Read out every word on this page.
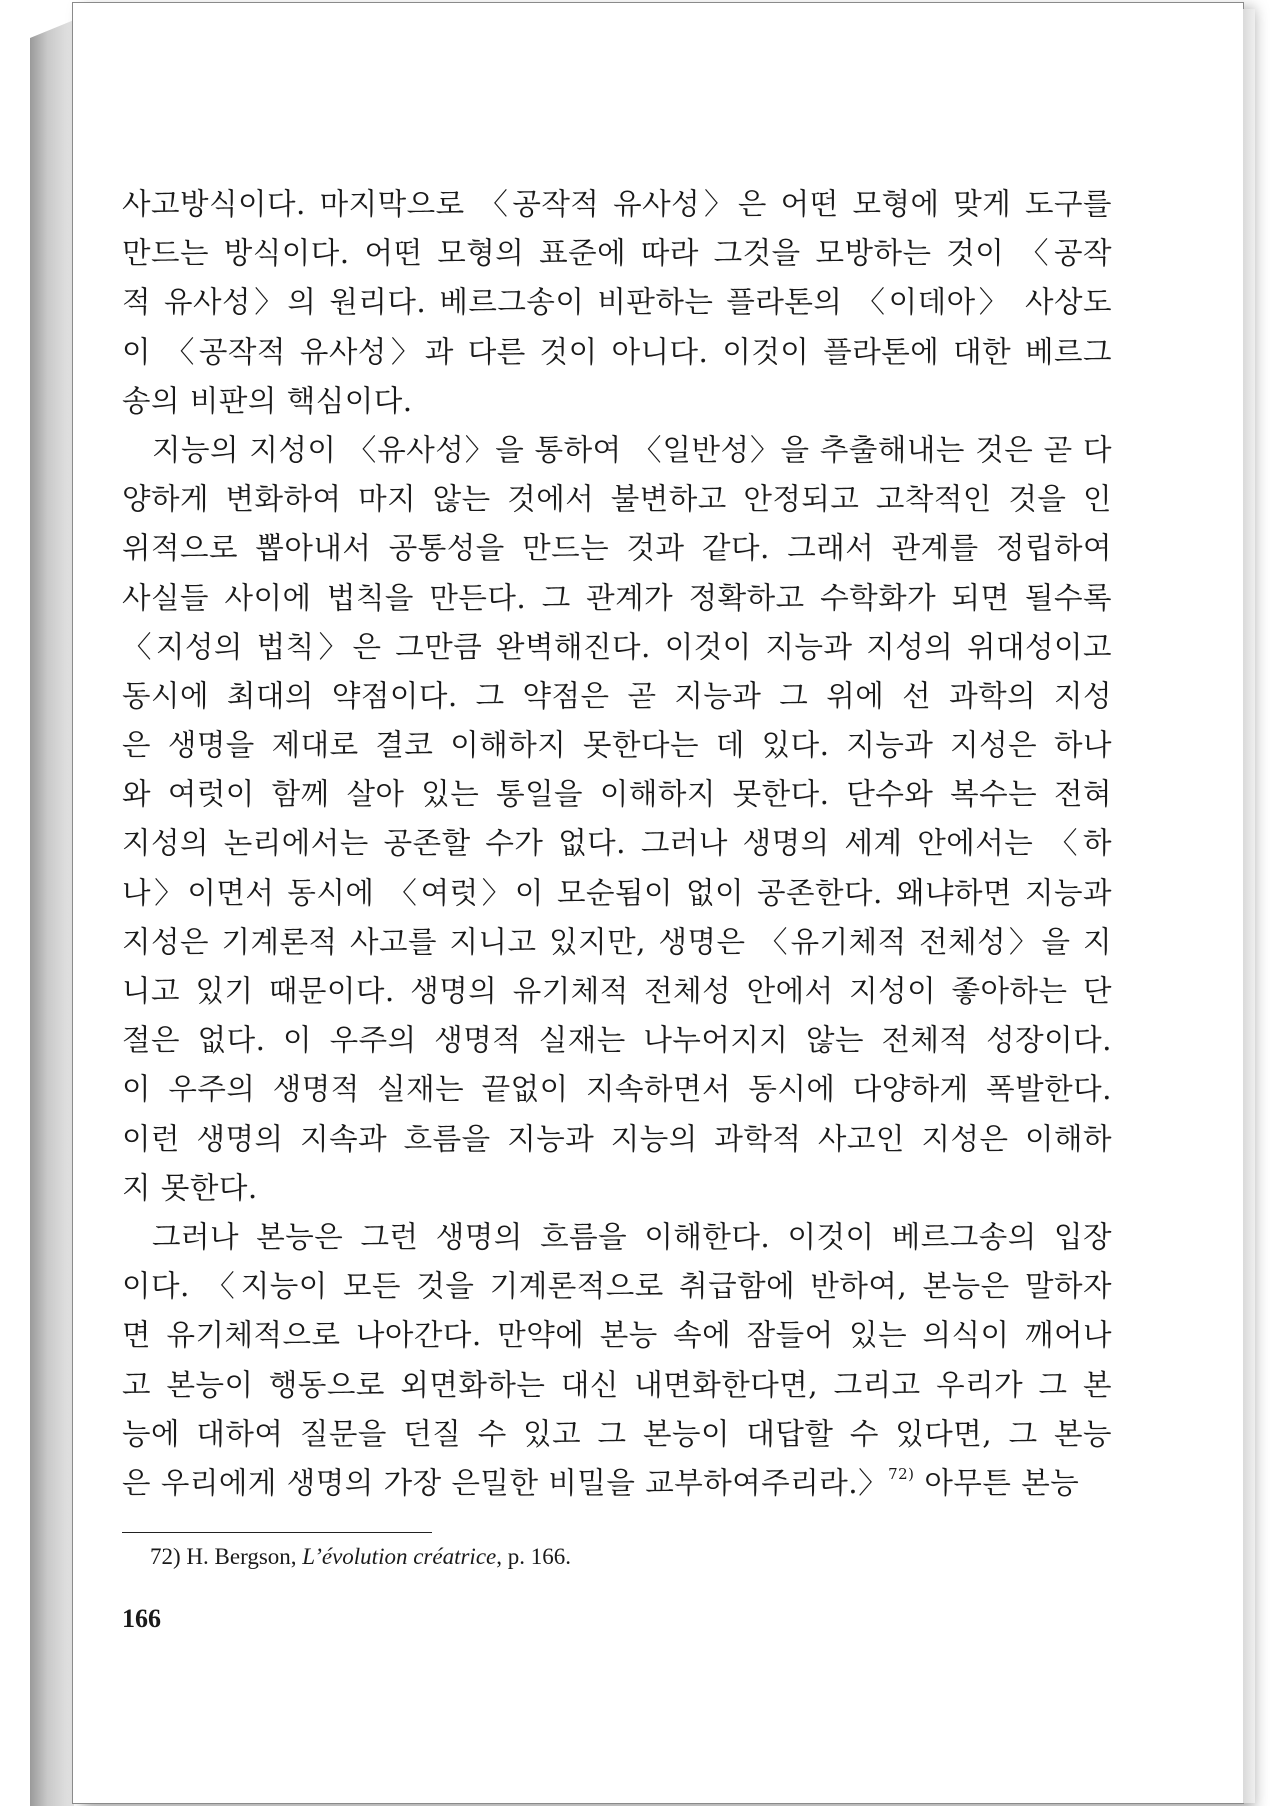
사고방식이다. 마지막으로 〈공작적 유사성〉은 어떤 모형에 맞게 도구를
만드는 방식이다. 어떤 모형의 표준에 따라 그것을 모방하는 것이 〈공작
적 유사성〉의 원리다. 베르그송이 비판하는 플라톤의 〈이데아〉 사상도
이 〈공작적 유사성〉과 다른 것이 아니다. 이것이 플라톤에 대한 베르그
송의 비판의 핵심이다.
지능의 지성이 〈유사성〉을 통하여 〈일반성〉을 추출해내는 것은 곧 다
양하게 변화하여 마지 않는 것에서 불변하고 안정되고 고착적인 것을 인
위적으로 뽑아내서 공통성을 만드는 것과 같다. 그래서 관계를 정립하여
사실들 사이에 법칙을 만든다. 그 관계가 정확하고 수학화가 되면 될수록
〈지성의 법칙〉은 그만큼 완벽해진다. 이것이 지능과 지성의 위대성이고
동시에 최대의 약점이다. 그 약점은 곧 지능과 그 위에 선 과학의 지성
은 생명을 제대로 결코 이해하지 못한다는 데 있다. 지능과 지성은 하나
와 여럿이 함께 살아 있는 통일을 이해하지 못한다. 단수와 복수는 전혀
지성의 논리에서는 공존할 수가 없다. 그러나 생명의 세계 안에서는 〈하
나〉이면서 동시에 〈여럿〉이 모순됨이 없이 공존한다. 왜냐하면 지능과
지성은 기계론적 사고를 지니고 있지만, 생명은 〈유기체적 전체성〉을 지
니고 있기 때문이다. 생명의 유기체적 전체성 안에서 지성이 좋아하는 단
절은 없다. 이 우주의 생명적 실재는 나누어지지 않는 전체적 성장이다.
이 우주의 생명적 실재는 끝없이 지속하면서 동시에 다양하게 폭발한다.
이런 생명의 지속과 흐름을 지능과 지능의 과학적 사고인 지성은 이해하
지 못한다.
그러나 본능은 그런 생명의 흐름을 이해한다. 이것이 베르그송의 입장
이다. 〈지능이 모든 것을 기계론적으로 취급함에 반하여, 본능은 말하자
면 유기체적으로 나아간다. 만약에 본능 속에 잠들어 있는 의식이 깨어나
고 본능이 행동으로 외면화하는 대신 내면화한다면, 그리고 우리가 그 본
능에 대하여 질문을 던질 수 있고 그 본능이 대답할 수 있다면, 그 본능
은 우리에게 생명의 가장 은밀한 비밀을 교부하여주리라.〉$^{72)}$ 아무튼 본능
72) H. Bergson, L’évolution créatrice, p. 166.
166
